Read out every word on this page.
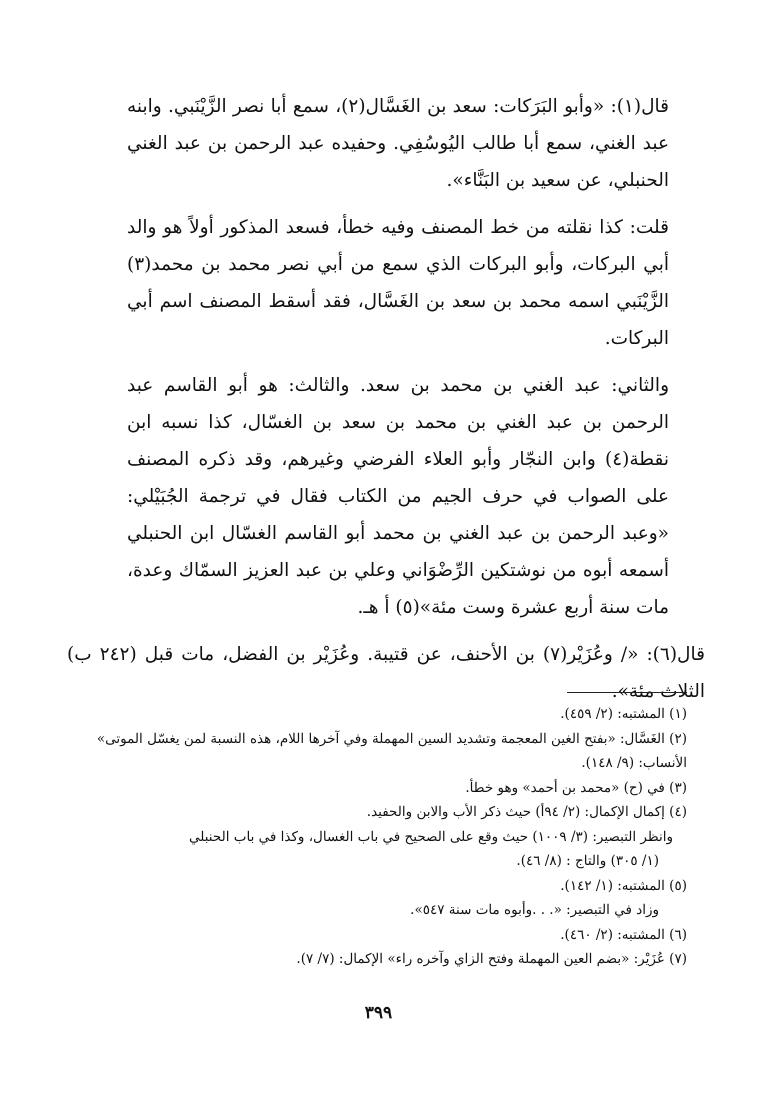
قال(١): «وأبو البَرَكات: سعد بن الغَسَّال(٢)، سمع أبا نصر الزَّيْنَبي. وابنه عبد الغني، سمع أبا طالب اليُوسُفِي. وحفيده عبد الرحمن بن عبد الغني الحنبلي، عن سعيد بن البَنَّاء».

قلت: كذا نقلته من خط المصنف وفيه خطأ، فسعد المذكور أولاً هو والد أبي البركات، وأبو البركات الذي سمع من أبي نصر محمد بن محمد(٣) الزَّيْنَبي اسمه محمد بن سعد بن الغَسَّال، فقد أسقط المصنف اسم أبي البركات.

والثاني: عبد الغني بن محمد بن سعد. والثالث: هو أبو القاسم عبد الرحمن بن عبد الغني بن محمد بن سعد بن الغسّال، كذا نسبه ابن نقطة(٤) وابن النجّار وأبو العلاء الفرضي وغيرهم، وقد ذكره المصنف على الصواب في حرف الجيم من الكتاب فقال في ترجمة الجُبَيْلي: «وعبد الرحمن بن عبد الغني بن محمد أبو القاسم الغسّال ابن الحنبلي أسمعه أبوه من نوشتكين الرِّضْوَاني وعلي بن عبد العزيز السمّاك وعدة، مات سنة أربع عشرة وست مئة»(٥) أ هـ.

قال(٦): «/ وعُزَيْر(٧) بن الأحنف، عن قتيبة. وعُزَيْر بن الفضل، مات قبل (٢٤٢ ب) الثلاث مئة».

(١) المشتبه: (٢/ ٤٥٩).
(٢) الغَسَّال: «بفتح الغين المعجمة وتشديد السين المهملة وفي آخرها اللام، هذه النسبة لمن يغسّل الموتى» الأنساب: (٩/ ١٤٨).
(٣) في (ح) «محمد بن أحمد» وهو خطأ.
(٤) إكمال الإكمال: (٢/ ٩٤أ) حيث ذكر الأب والابن والحفيد.
وانظر التبصير: (٣/ ١٠٠٩) حيث وقع على الصحيح في باب الغسال، وكذا في باب الحنبلي
(١/ ٣٠٥) والتاج : (٨/ ٤٦).
(٥) المشتبه: (١/ ١٤٢).
وزاد في التبصير: «. . .وأبوه مات سنة ٥٤٧».
(٦) المشتبه: (٢/ ٤٦٠).
(٧) عُزَيْر: «بضم العين المهملة وفتح الزاي وآخره راء» الإكمال: (٧/ ٧).
٣٩٩
